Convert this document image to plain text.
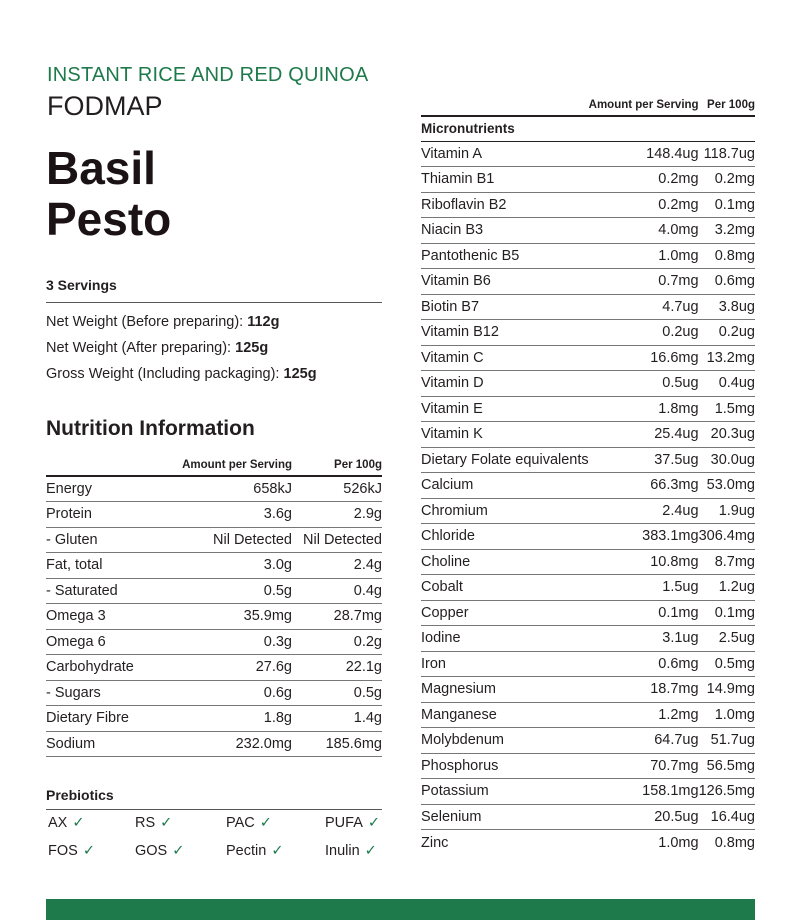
INSTANT RICE AND RED QUINOA
FODMAP
Basil
Pesto
3 Servings
Net Weight (Before preparing): 112g
Net Weight (After preparing): 125g
Gross Weight (Including packaging): 125g
Nutrition Information
	Amount per Serving	Per 100g
Energy	658kJ	526kJ
Protein	3.6g	2.9g
- Gluten	Nil Detected	Nil Detected
Fat, total	3.0g	2.4g
- Saturated	0.5g	0.4g
Omega 3	35.9mg	28.7mg
Omega 6	0.3g	0.2g
Carbohydrate	27.6g	22.1g
- Sugars	0.6g	0.5g
Dietary Fibre	1.8g	1.4g
Sodium	232.0mg	185.6mg
	Amount per Serving	Per 100g
Micronutrients		
Vitamin A	148.4ug	118.7ug
Thiamin B1	0.2mg	0.2mg
Riboflavin B2	0.2mg	0.1mg
Niacin B3	4.0mg	3.2mg
Pantothenic B5	1.0mg	0.8mg
Vitamin B6	0.7mg	0.6mg
Biotin B7	4.7ug	3.8ug
Vitamin B12	0.2ug	0.2ug
Vitamin C	16.6mg	13.2mg
Vitamin D	0.5ug	0.4ug
Vitamin E	1.8mg	1.5mg
Vitamin K	25.4ug	20.3ug
Dietary Folate equivalents	37.5ug	30.0ug
Calcium	66.3mg	53.0mg
Chromium	2.4ug	1.9ug
Chloride	383.1mg	306.4mg
Choline	10.8mg	8.7mg
Cobalt	1.5ug	1.2ug
Copper	0.1mg	0.1mg
Iodine	3.1ug	2.5ug
Iron	0.6mg	0.5mg
Magnesium	18.7mg	14.9mg
Manganese	1.2mg	1.0mg
Molybdenum	64.7ug	51.7ug
Phosphorus	70.7mg	56.5mg
Potassium	158.1mg	126.5mg
Selenium	20.5ug	16.4ug
Zinc	1.0mg	0.8mg
Prebiotics
AX ✓	RS ✓	PAC ✓	PUFA ✓
FOS ✓	GOS ✓	Pectin ✓	Inulin ✓
